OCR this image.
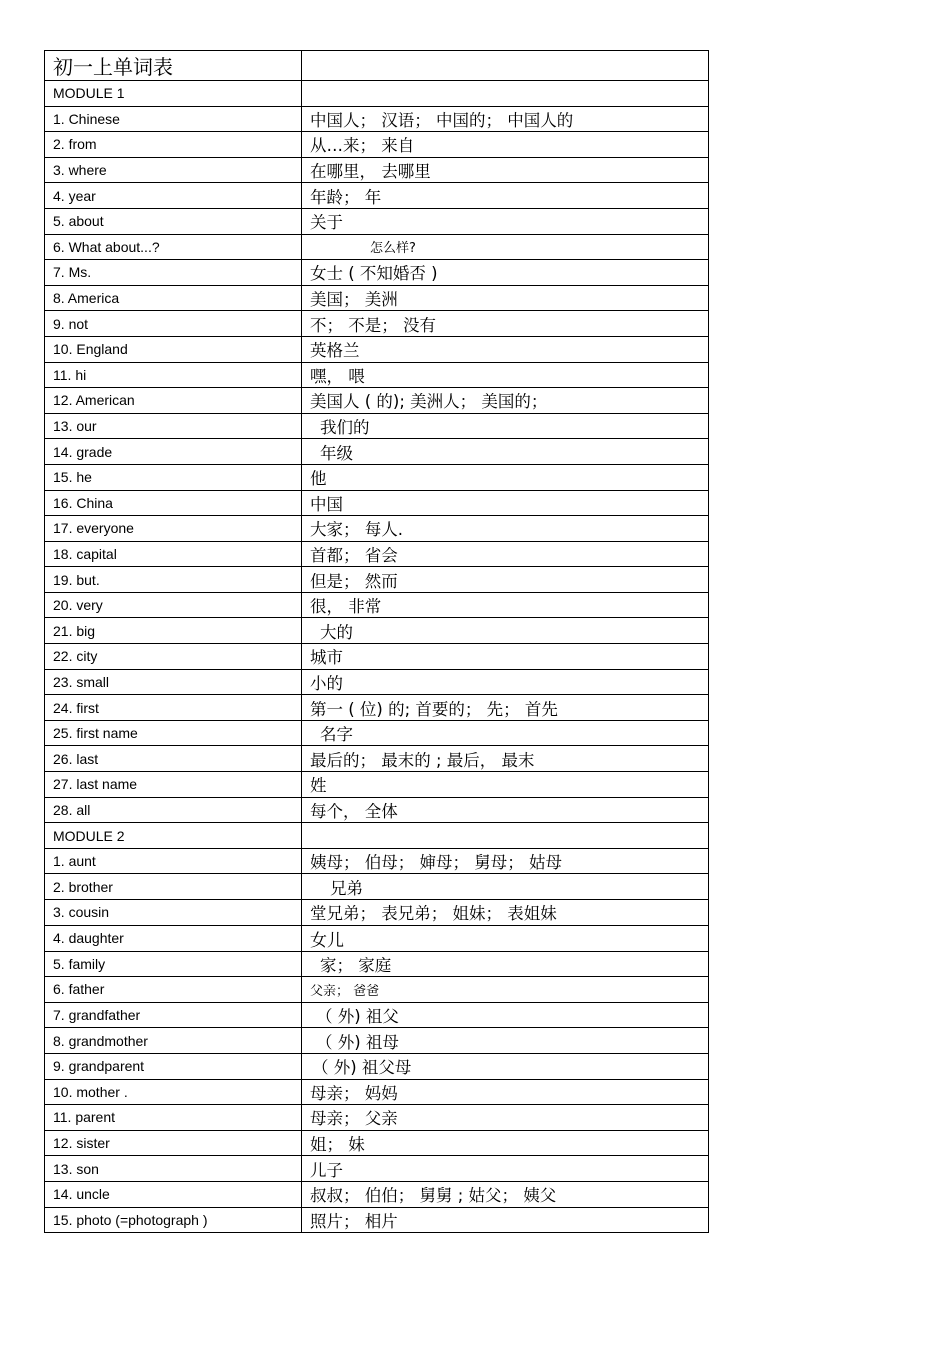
初一上单词表	
MODULE 1	
1. Chinese	中国人； 汉语； 中国的； 中国人的
2. from	从…来； 来自
3. where	在哪里， 去哪里
4. year	年龄； 年
5. about	关于
6. What about...?	怎么样?
7. Ms.	女士 ( 不知婚否 )
8. America	美国； 美洲
9. not	不； 不是； 没有
10. England	英格兰
11. hi	嘿， 喂
12. American	美国人 ( 的); 美洲人； 美国的；
13. our	我们的
14. grade	年级
15. he	他
16. China	中国
17. everyone	大家； 每人.
18. capital	首都； 省会
19. but.	但是； 然而
20. very	很， 非常
21. big	大的
22. city	城市
23. small	小的
24. first	第一 ( 位) 的; 首要的； 先； 首先
25. first name	名字
26. last	最后的； 最末的 ; 最后， 最末
27. last name	姓
28. all	每个， 全体
MODULE 2	
1. aunt	姨母； 伯母； 婶母； 舅母； 姑母
2. brother	兄弟
3. cousin	堂兄弟； 表兄弟； 姐妹； 表姐妹
4. daughter	女儿
5. family	家； 家庭
6. father	父亲； 爸爸
7. grandfather	（ 外) 祖父
8. grandmother	（ 外) 祖母
9. grandparent	（ 外) 祖父母
10. mother .	母亲； 妈妈
11. parent	母亲； 父亲
12. sister	姐； 妹
13. son	儿子
14. uncle	叔叔； 伯伯； 舅舅 ; 姑父； 姨父
15. photo (=photograph )	照片； 相片
